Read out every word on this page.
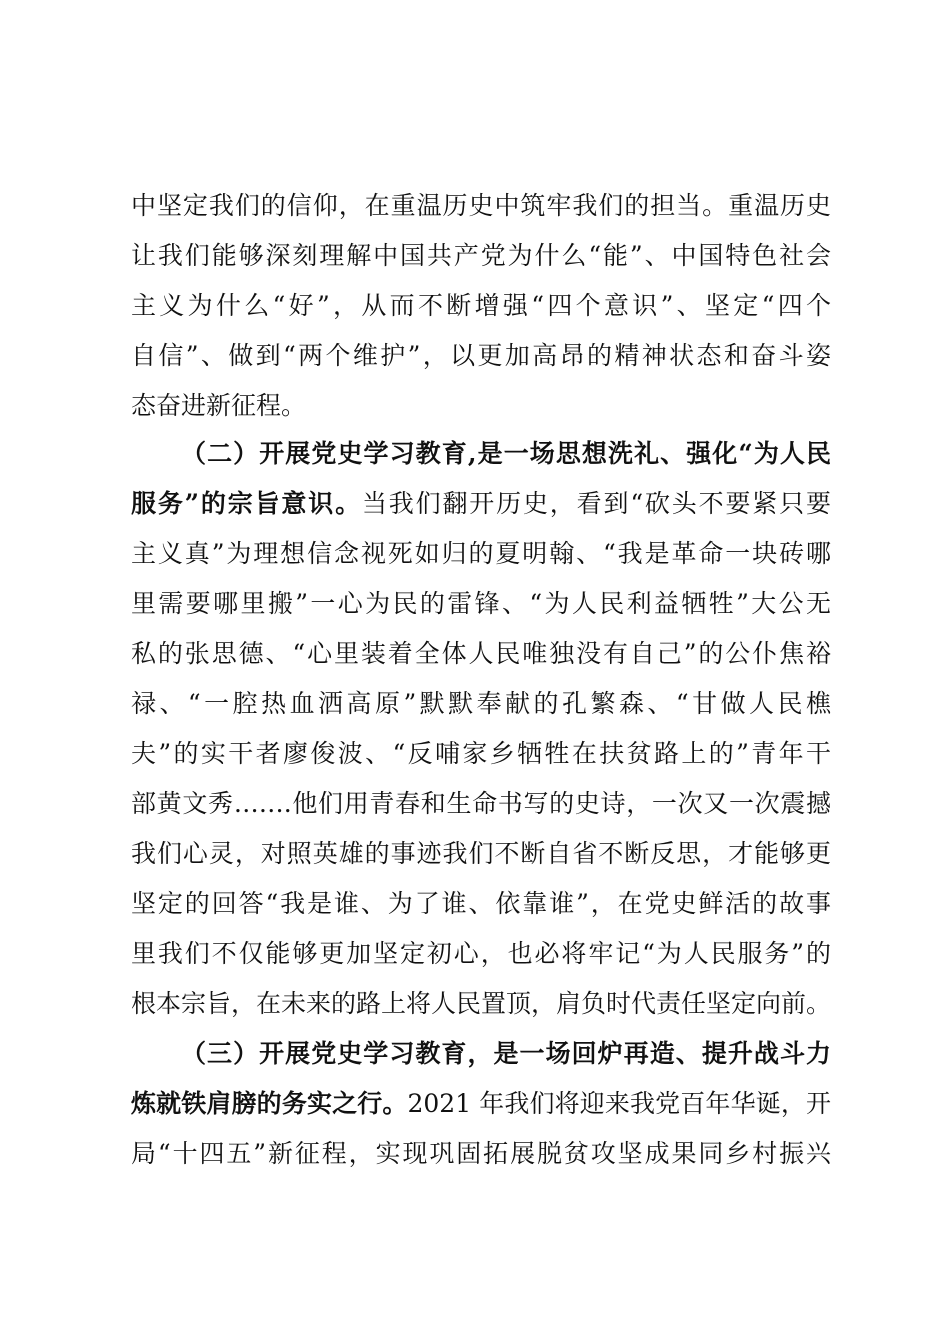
中坚定我们的信仰，在重温历史中筑牢我们的担当。重温历史
让我们能够深刻理解中国共产党为什么“能”、中国特色社会
主义为什么“好”，从而不断增强“四个意识”、坚定“四个
自信”、做到“两个维护”，以更加高昂的精神状态和奋斗姿
态奋进新征程。
（二）开展党史学习教育,是一场思想洗礼、强化“为人民
服务”的宗旨意识。当我们翻开历史，看到“砍头不要紧只要
主义真”为理想信念视死如归的夏明翰、“我是革命一块砖哪
里需要哪里搬”一心为民的雷锋、“为人民利益牺牲”大公无
私的张思德、“心里装着全体人民唯独没有自己”的公仆焦裕
禄、“一腔热血洒高原”默默奉献的孔繁森、“甘做人民樵
夫”的实干者廖俊波、“反哺家乡牺牲在扶贫路上的”青年干
部黄文秀…….他们用青春和生命书写的史诗，一次又一次震撼
我们心灵，对照英雄的事迹我们不断自省不断反思，才能够更
坚定的回答“我是谁、为了谁、依靠谁”，在党史鲜活的故事
里我们不仅能够更加坚定初心，也必将牢记“为人民服务”的
根本宗旨，在未来的路上将人民置顶，肩负时代责任坚定向前。
（三）开展党史学习教育，是一场回炉再造、提升战斗力
炼就铁肩膀的务实之行。2021 年我们将迎来我党百年华诞，开
局“十四五”新征程，实现巩固拓展脱贫攻坚成果同乡村振兴
